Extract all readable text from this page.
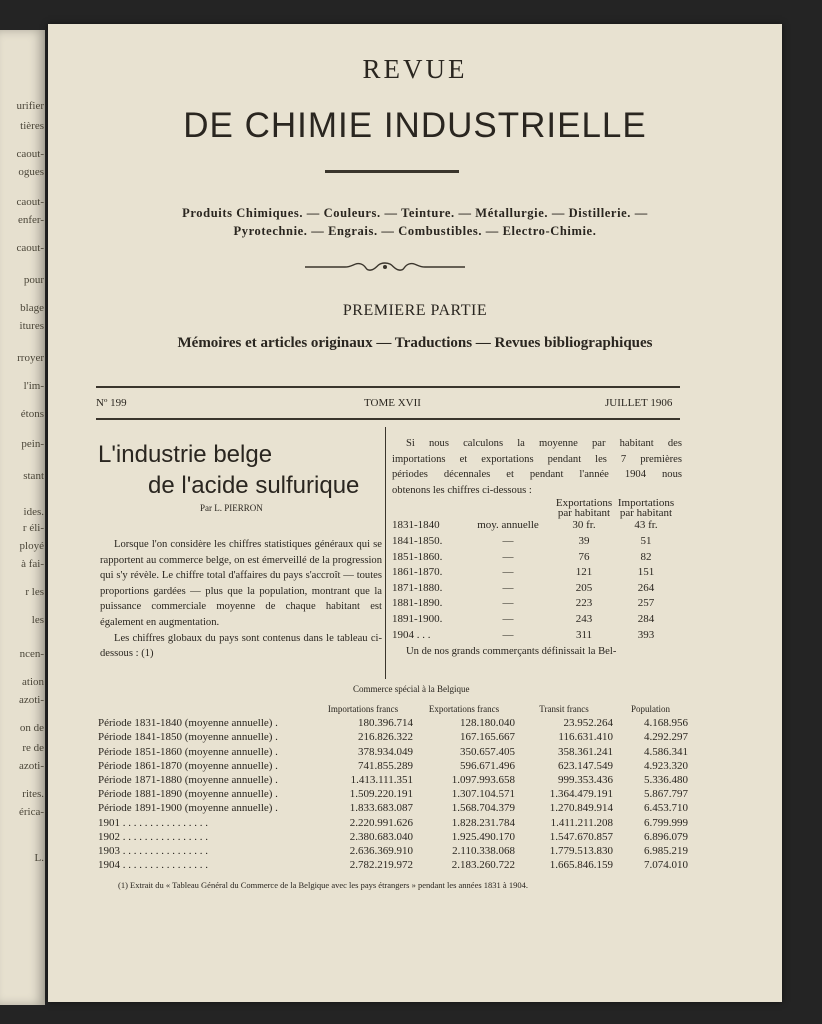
urifier
tières
caout-
ogues
caout-
enfer-
caout-
pour
blage
itures
rroyer
l'im-
étons
pein-
stant
ides.
r éli-
ployé
à fai-
r les
les
ncen-
ation
azoti-
on de
re de
azoti-
rites.
érica-
L.
REVUE
DE CHIMIE INDUSTRIELLE
Produits Chimiques. — Couleurs. — Teinture. — Métallurgie. — Distillerie. —
Pyrotechnie. — Engrais. — Combustibles. — Electro-Chimie.
PREMIERE PARTIE
Mémoires et articles originaux — Traductions — Revues bibliographiques
Nº 199	TOME XVII	JUILLET 1906
L'industrie belge
de l'acide sulfurique
Par L. PIERRON
Lorsque l'on considère les chiffres statistiques généraux qui se rapportent au commerce belge, on est émerveillé de la progression qui s'y révèle. Le chiffre total d'affaires du pays s'accroît — toutes proportions gardées — plus que la population, montrant que la puissance commerciale moyenne de chaque habitant est également en augmentation.
Les chiffres globaux du pays sont contenus dans le tableau ci-dessous : (1)
Si nous calculons la moyenne par habitant des
importations et exportations pendant les 7 premières
périodes décennales et pendant l'année 1904 nous
obtenons les chiffres ci-dessous :
		Exportations par habitant	Importations par habitant
1831-1840	moy. annuelle	30 fr.	43 fr.
1841-1850.	—	39	51
1851-1860.	—	76	82
1861-1870.	—	121	151
1871-1880.	—	205	264
1881-1890.	—	223	257
1891-1900.	—	243	284
1904 . . .	—	311	393
Un de nos grands commerçants définissait la Bel-
Commerce spécial à la Belgique
	Importations francs	Exportations francs	Transit francs	Population
Période 1831-1840 (moyenne annuelle) .	180.396.714	128.180.040	23.952.264	4.168.956
Période 1841-1850 (moyenne annuelle) .	216.826.322	167.165.667	116.631.410	4.292.297
Période 1851-1860 (moyenne annuelle) .	378.934.049	350.657.405	358.361.241	4.586.341
Période 1861-1870 (moyenne annuelle) .	741.855.289	596.671.496	623.147.549	4.923.320
Période 1871-1880 (moyenne annuelle) .	1.413.111.351	1.097.993.658	999.353.436	5.336.480
Période 1881-1890 (moyenne annuelle) .	1.509.220.191	1.307.104.571	1.364.479.191	5.867.797
Période 1891-1900 (moyenne annuelle) .	1.833.683.087	1.568.704.379	1.270.849.914	6.453.710
1901 . . . . . . . . . . . . . . . .	2.220.991.626	1.828.231.784	1.411.211.208	6.799.999
1902 . . . . . . . . . . . . . . . .	2.380.683.040	1.925.490.170	1.547.670.857	6.896.079
1903 . . . . . . . . . . . . . . . .	2.636.369.910	2.110.338.068	1.779.513.830	6.985.219
1904 . . . . . . . . . . . . . . . .	2.782.219.972	2.183.260.722	1.665.846.159	7.074.010
(1) Extrait du « Tableau Général du Commerce de la Belgique avec les pays étrangers » pendant les années 1831 à 1904.
